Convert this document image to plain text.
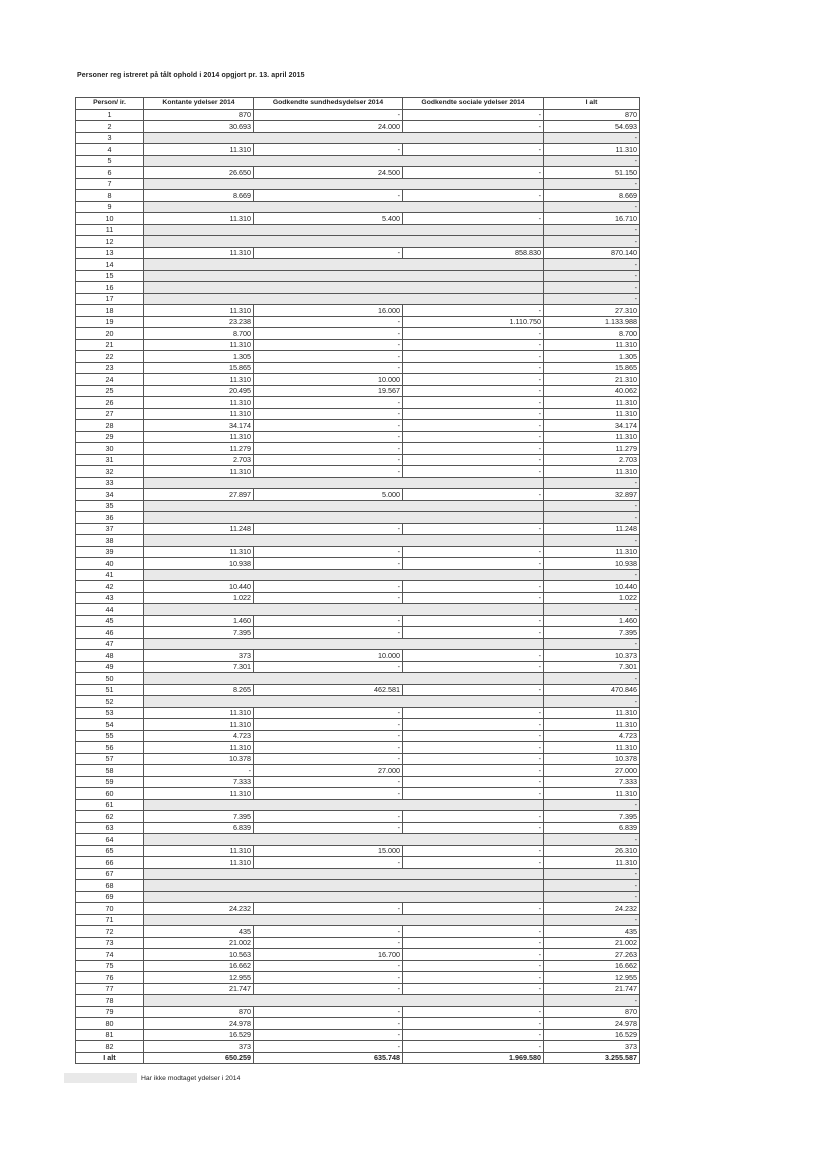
Personer reg istreret på tålt ophold i 2014 opgjort pr. 13. april 2015
Person/ ir.	Kontante ydelser 2014	Godkendte sundhedsydelser 2014	Godkendte sociale ydelser 2014	I alt
1	870	-	-	870
2	30.693	24.000	-	54.693
3				-
4	11.310	-	-	11.310
5				-
6	26.650	24.500	-	51.150
7				-
8	8.669	-	-	8.669
9				-
10	11.310	5.400	-	16.710
11				-
12				-
13	11.310	-	858.830	870.140
14				-
15				-
16				-
17				-
18	11.310	16.000	-	27.310
19	23.238	-	1.110.750	1.133.988
20	8.700	-	-	8.700
21	11.310	-	-	11.310
22	1.305	-	-	1.305
23	15.865	-	-	15.865
24	11.310	10.000	-	21.310
25	20.495	19.567	-	40.062
26	11.310	-	-	11.310
27	11.310	-	-	11.310
28	34.174	-	-	34.174
29	11.310	-	-	11.310
30	11.279	-	-	11.279
31	2.703	-	-	2.703
32	11.310	-	-	11.310
33				-
34	27.897	5.000	-	32.897
35				-
36				-
37	11.248	-	-	11.248
38				-
39	11.310	-	-	11.310
40	10.938	-	-	10.938
41				-
42	10.440	-	-	10.440
43	1.022	-	-	1.022
44				-
45	1.460	-	-	1.460
46	7.395	-	-	7.395
47				-
48	373	10.000	-	10.373
49	7.301	-	-	7.301
50				-
51	8.265	462.581	-	470.846
52				-
53	11.310	-	-	11.310
54	11.310	-	-	11.310
55	4.723	-	-	4.723
56	11.310	-	-	11.310
57	10.378	-	-	10.378
58	-	27.000	-	27.000
59	7.333	-	-	7.333
60	11.310	-	-	11.310
61				-
62	7.395	-	-	7.395
63	6.839	-	-	6.839
64				-
65	11.310	15.000	-	26.310
66	11.310	-	-	11.310
67				-
68				-
69				-
70	24.232	-	-	24.232
71				-
72	435	-	-	435
73	21.002	-	-	21.002
74	10.563	16.700	-	27.263
75	16.662	-	-	16.662
76	12.955	-	-	12.955
77	21.747	-	-	21.747
78				-
79	870	-	-	870
80	24.978	-	-	24.978
81	16.529	-	-	16.529
82	373	-	-	373
I alt	650.259	635.748	1.969.580	3.255.587
Har ikke modtaget ydelser i 2014
